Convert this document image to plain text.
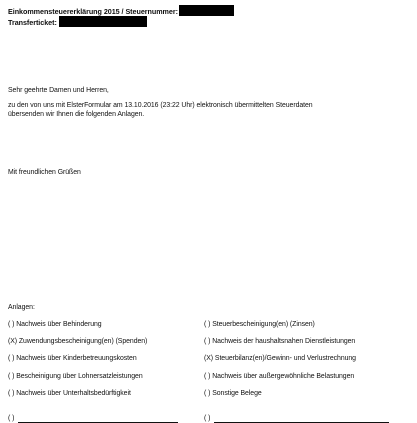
Einkommensteuererklärung 2015 / Steuernummer:
Transferticket:
Sehr geehrte Damen und Herren,
zu den von uns mit ElsterFormular am 13.10.2016 (23:22 Uhr) elektronisch übermittelten Steuerdaten
übersenden wir Ihnen die folgenden Anlagen.
Mit freundlichen Grüßen
Anlagen:
( ) Nachweis über Behinderung
(X) Zuwendungsbescheinigung(en) (Spenden)
( ) Nachweis über Kinderbetreuungskosten
( ) Bescheinigung über Lohnersatzleistungen
( ) Nachweis über Unterhaltsbedürftigkeit
( )
( ) Steuerbescheinigung(en) (Zinsen)
( ) Nachweis der haushaltsnahen Dienstleistungen
(X) Steuerbilanz(en)/Gewinn- und Verlustrechnung
( ) Nachweis über außergewöhnliche Belastungen
( ) Sonstige Belege
( )
